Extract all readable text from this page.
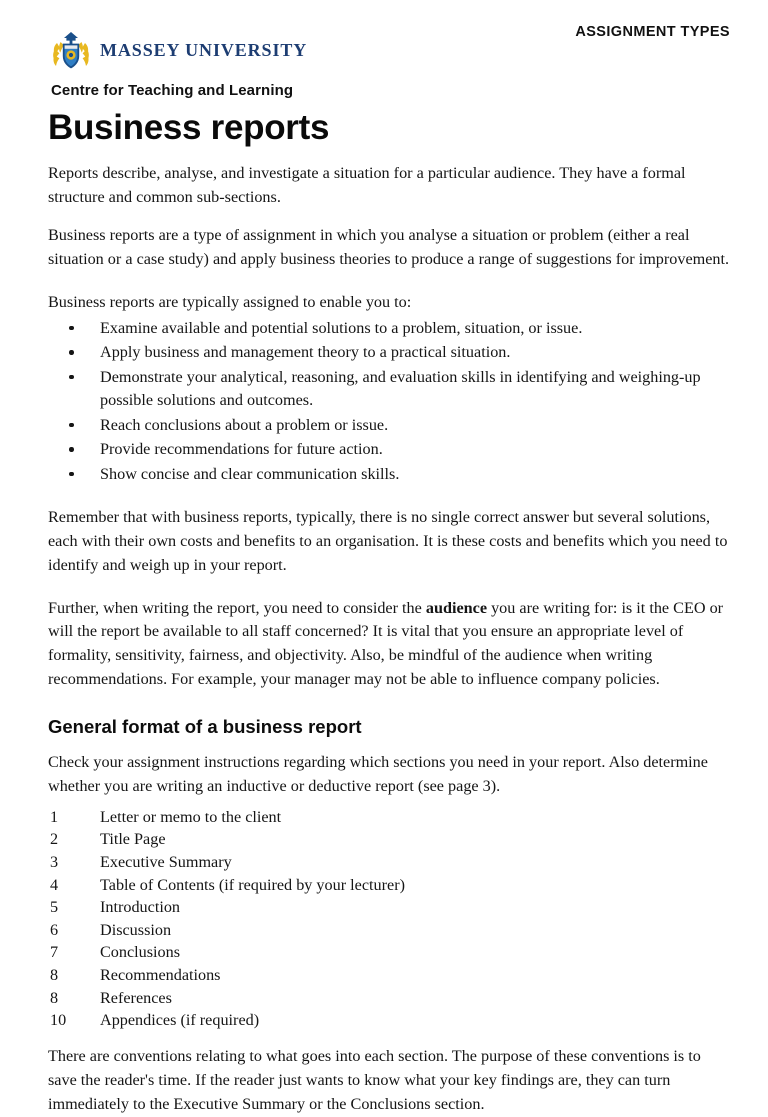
ASSIGNMENT TYPES
MASSEY UNIVERSITY
Centre for Teaching and Learning
Business reports

Reports describe, analyse, and investigate a situation for a particular audience. They have a formal structure and common sub-sections.

Business reports are a type of assignment in which you analyse a situation or problem (either a real situation or a case study) and apply business theories to produce a range of suggestions for improvement.

Business reports are typically assigned to enable you to:

Examine available and potential solutions to a problem, situation, or issue.
Apply business and management theory to a practical situation.
Demonstrate your analytical, reasoning, and evaluation skills in identifying and weighing-up possible solutions and outcomes.
Reach conclusions about a problem or issue.
Provide recommendations for future action.
Show concise and clear communication skills.

Remember that with business reports, typically, there is no single correct answer but several solutions, each with their own costs and benefits to an organisation. It is these costs and benefits which you need to identify and weigh up in your report.

Further, when writing the report, you need to consider the audience you are writing for: is it the CEO or will the report be available to all staff concerned? It is vital that you ensure an appropriate level of formality, sensitivity, fairness, and objectivity. Also, be mindful of the audience when writing recommendations. For example, your manager may not be able to influence company policies.

General format of a business report

Check your assignment instructions regarding which sections you need in your report. Also determine whether you are writing an inductive or deductive report (see page 3).

1	Letter or memo to the client
2	Title Page
3	Executive Summary
4	Table of Contents (if required by your lecturer)
5	Introduction
6	Discussion
7	Conclusions
8	Recommendations
8	References
10	Appendices (if required)

There are conventions relating to what goes into each section. The purpose of these conventions is to save the reader's time. If the reader just wants to know what your key findings are, they can turn immediately to the Executive Summary or the Conclusions section.
